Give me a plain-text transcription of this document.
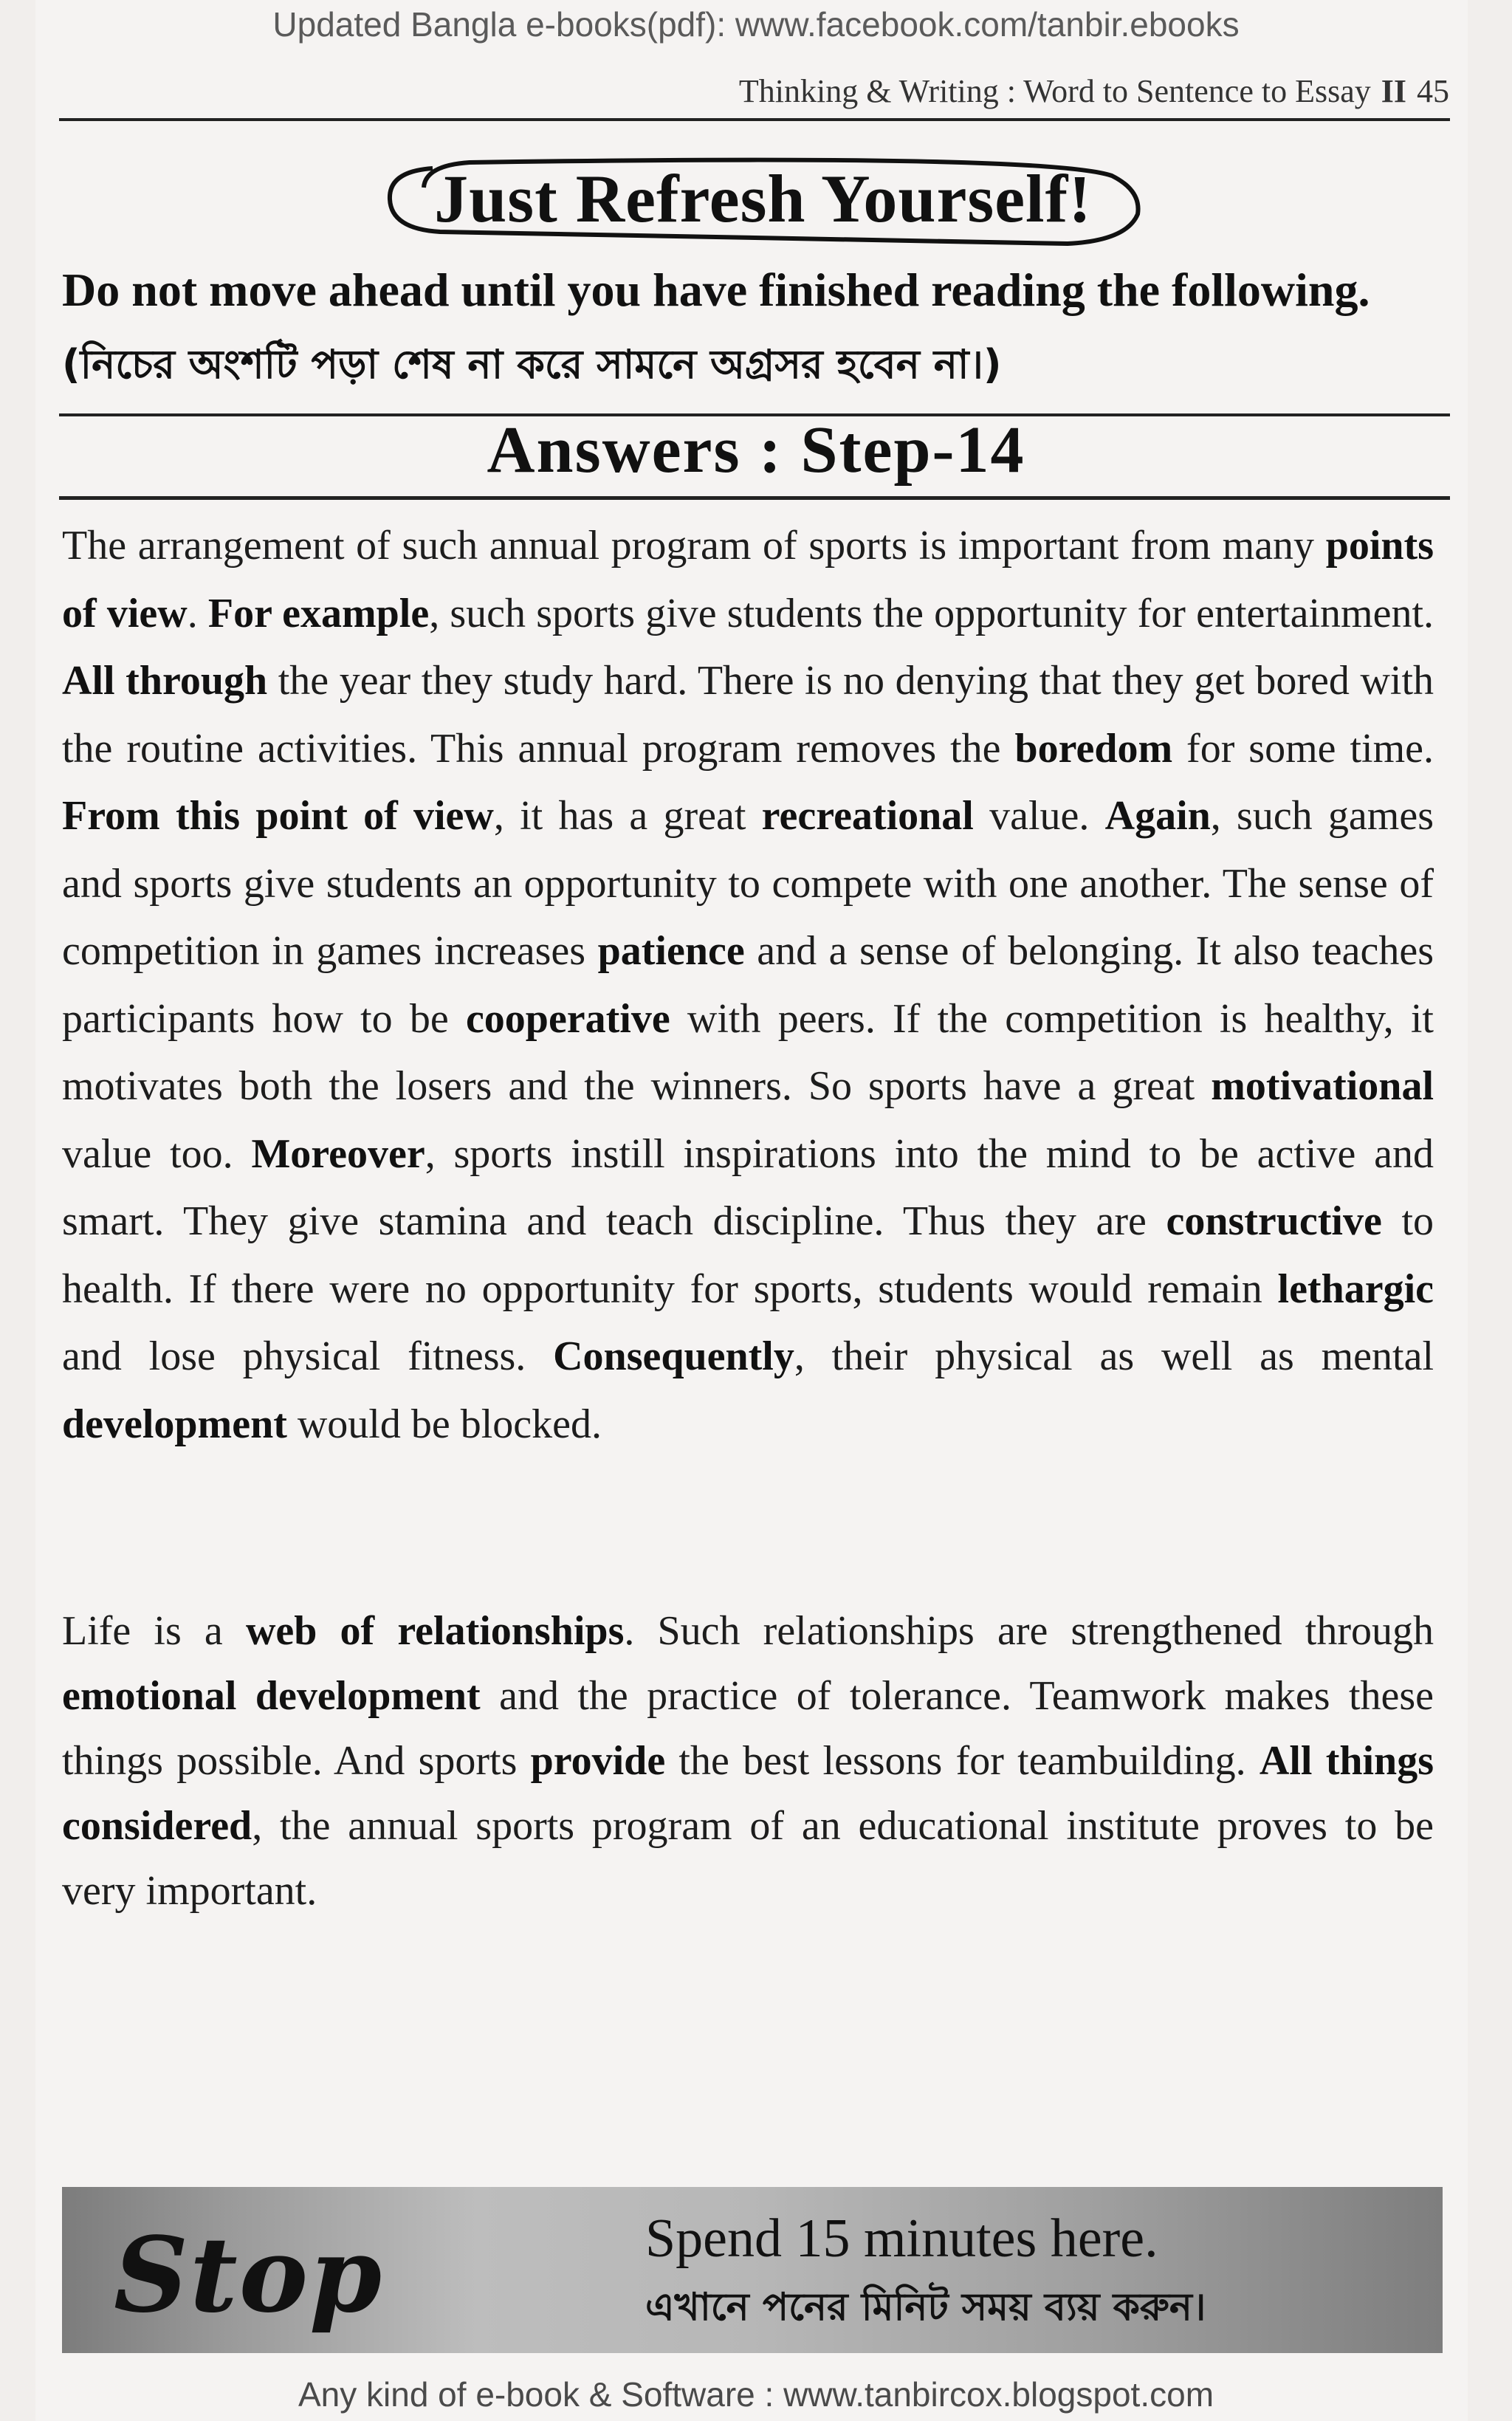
Updated Bangla e-books(pdf): www.facebook.com/tanbir.ebooks
Thinking & Writing : Word to Sentence to Essay II 45
Just Refresh Yourself!
Do not move ahead until you have finished reading the following.
(নিচের অংশটি পড়া শেষ না করে সামনে অগ্রসর হবেন না।)
Answers : Step-14
The arrangement of such annual program of sports is important from many points of view. For example, such sports give students the opportunity for entertainment. All through the year they study hard. There is no denying that they get bored with the routine activities. This annual program removes the boredom for some time. From this point of view, it has a great recreational value. Again, such games and sports give students an opportunity to compete with one another. The sense of competition in games increases patience and a sense of belonging. It also teaches participants how to be cooperative with peers. If the competition is healthy, it motivates both the losers and the winners. So sports have a great motivational value too. Moreover, sports instill inspirations into the mind to be active and smart. They give stamina and teach discipline. Thus they are constructive to health. If there were no opportunity for sports, students would remain lethargic and lose physical fitness. Consequently, their physical as well as mental development would be blocked.
Life is a web of relationships. Such relationships are strengthened through emotional development and the practice of tolerance. Teamwork makes these things possible. And sports provide the best lessons for teambuilding. All things considered, the annual sports program of an educational institute proves to be very important.
Stop	Spend 15 minutes here.
এখানে পনের মিনিট সময় ব্যয় করুন।
Any kind of e-book & Software : www.tanbircox.blogspot.com
